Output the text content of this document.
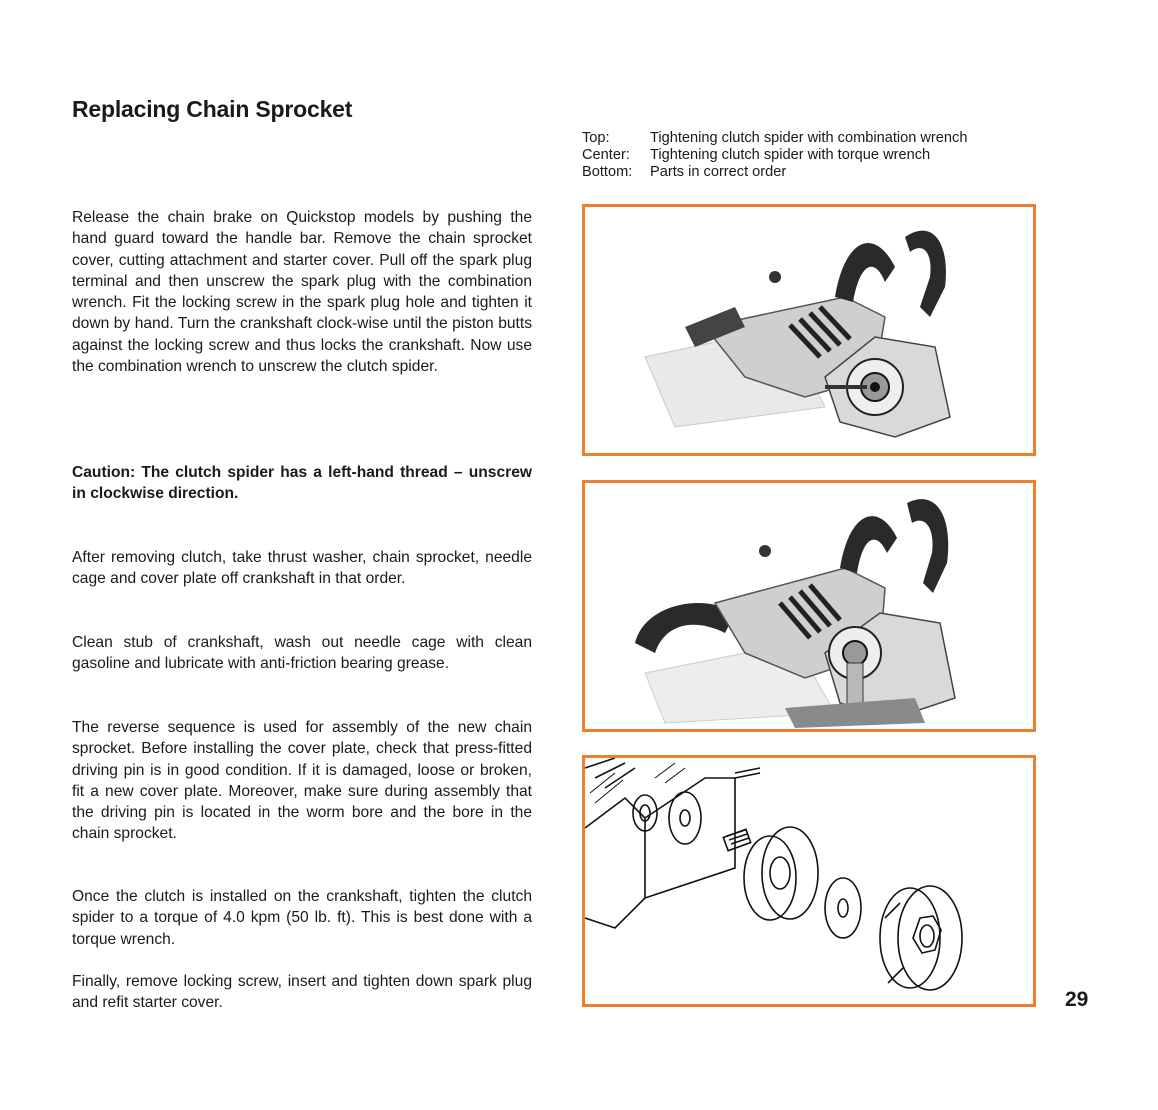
Replacing Chain Sprocket
Top:	Tightening clutch spider with combination wrench
Center:	Tightening clutch spider with torque wrench
Bottom:	Parts in correct order

Release the chain brake on Quickstop models by pushing the hand guard toward the handle bar. Remove the chain sprocket cover, cutting attachment and starter cover. Pull off the spark plug terminal and then unscrew the spark plug with the combination wrench. Fit the locking screw in the spark plug hole and tighten it down by hand. Turn the crankshaft clock-wise until the piston butts against the locking screw and thus locks the crankshaft. Now use the combination wrench to unscrew the clutch spider.

Caution: The clutch spider has a left-hand thread – unscrew in clockwise direction.

After removing clutch, take thrust washer, chain sprocket, needle cage and cover plate off crankshaft in that order.

Clean stub of crankshaft, wash out needle cage with clean gasoline and lubricate with anti-friction bearing grease.

The reverse sequence is used for assembly of the new chain sprocket. Before installing the cover plate, check that press-fitted driving pin is in good condition. If it is damaged, loose or broken, fit a new cover plate. Moreover, make sure during assembly that the driving pin is located in the worm bore and the bore in the chain sprocket.

Once the clutch is installed on the crankshaft, tighten the clutch spider to a torque of 4.0 kpm (50 lb. ft). This is best done with a torque wrench.

Finally, remove locking screw, insert and tighten down spark plug and refit starter cover.	29
